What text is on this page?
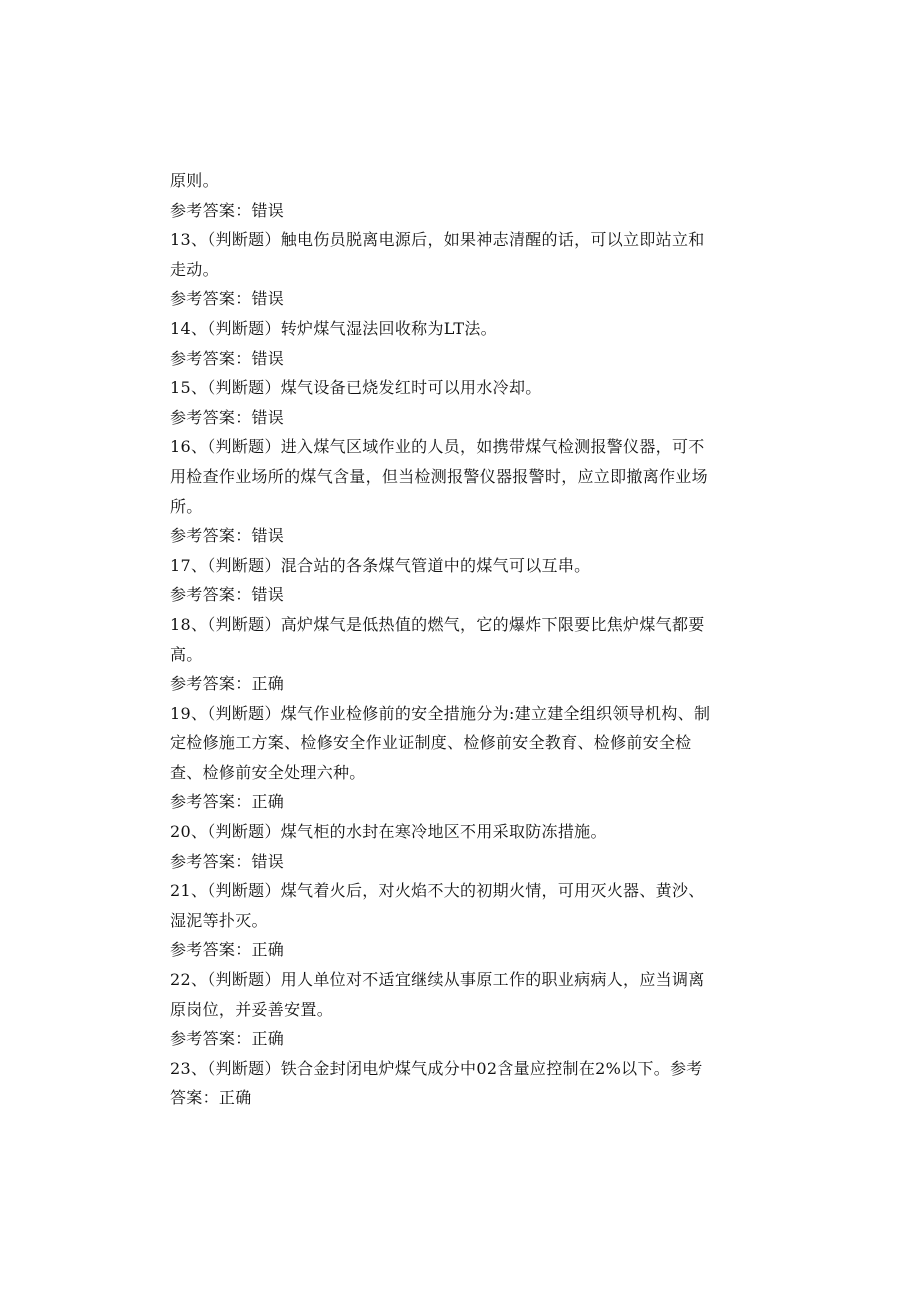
原则。
参考答案：错误
13、（判断题）触电伤员脱离电源后，如果神志清醒的话，可以立即站立和
走动。
参考答案：错误
14、（判断题）转炉煤气湿法回收称为LT法。
参考答案：错误
15、（判断题）煤气设备已烧发红时可以用水冷却。
参考答案：错误
16、（判断题）进入煤气区域作业的人员，如携带煤气检测报警仪器，可不
用检查作业场所的煤气含量，但当检测报警仪器报警时，应立即撤离作业场
所。
参考答案：错误
17、（判断题）混合站的各条煤气管道中的煤气可以互串。
参考答案：错误
18、（判断题）高炉煤气是低热值的燃气，它的爆炸下限要比焦炉煤气都要
高。
参考答案：正确
19、（判断题）煤气作业检修前的安全措施分为:建立建全组织领导机构、制
定检修施工方案、检修安全作业证制度、检修前安全教育、检修前安全检
查、检修前安全处理六种。
参考答案：正确
20、（判断题）煤气柜的水封在寒冷地区不用采取防冻措施。
参考答案：错误
21、（判断题）煤气着火后，对火焰不大的初期火情，可用灭火器、黄沙、
湿泥等扑灭。
参考答案：正确
22、（判断题）用人单位对不适宜继续从事原工作的职业病病人，应当调离
原岗位，并妥善安置。
参考答案：正确
23、（判断题）铁合金封闭电炉煤气成分中02含量应控制在2%以下。参考
答案：正确
